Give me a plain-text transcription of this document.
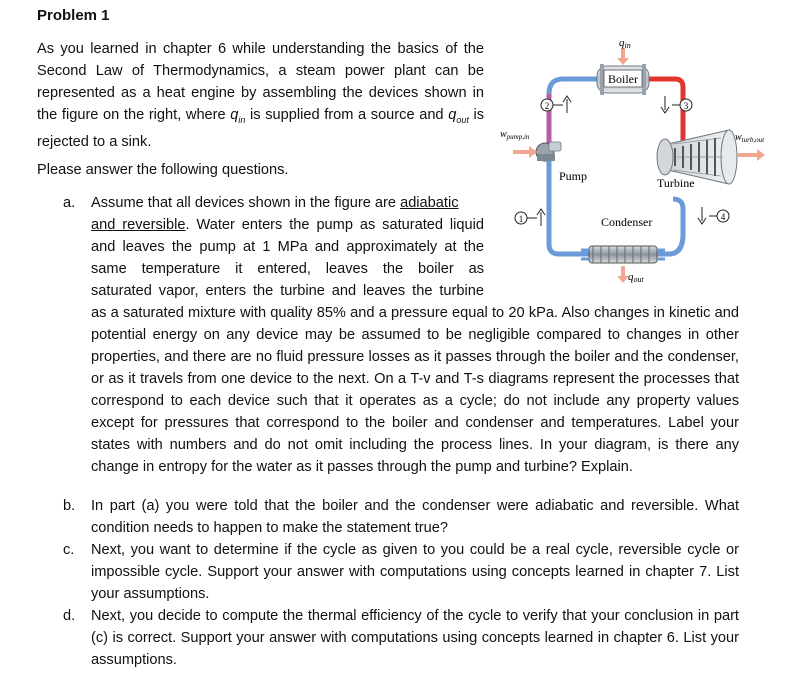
Problem 1
As you learned in chapter 6 while understanding the basics of the Second Law of Thermodynamics, a steam power plant can be represented as a heat engine by assembling the devices shown in the figure on the right, where $q_{in}$ is supplied from a source and $q_{out}$ is rejected to a sink.
Please answer the following questions.
a. Assume that all devices shown in the figure are adiabatic
and reversible. Water enters the pump as saturated liquid
and leaves the pump at 1 MPa and approximately at the
same temperature it entered, leaves the boiler as
saturated vapor, enters the turbine and leaves the turbine
as a saturated mixture with quality 85% and a pressure equal to 20 kPa. Also changes in kinetic and potential energy on any device may be assumed to be negligible compared to changes in other properties, and there are no fluid pressure losses as it passes through the boiler and the condenser, or as it travels from one device to the next. On a T-v and T-s diagrams represent the processes that correspond to each device such that it operates as a cycle; do not include any property values except for pressures that correspond to the boiler and condenser and temperatures. Label your states with numbers and do not omit including the process lines. In your diagram, is there any change in entropy for the water as it passes through the pump and turbine? Explain.
b. In part (a) you were told that the boiler and the condenser were adiabatic and reversible. What condition needs to happen to make the statement true?
c. Next, you want to determine if the cycle as given to you could be a real cycle, reversible cycle or impossible cycle. Support your answer with computations using concepts learned in chapter 7. List your assumptions.
d. Next, you decide to compute the thermal efficiency of the cycle to verify that your conclusion in part (c) is correct. Support your answer with computations using concepts learned in chapter 6. List your assumptions.
Boiler
qin
Turbine
$w_{turb,out}$
Pump
$w_{pump,in}$
Condenser
qout
1
2	3
4
